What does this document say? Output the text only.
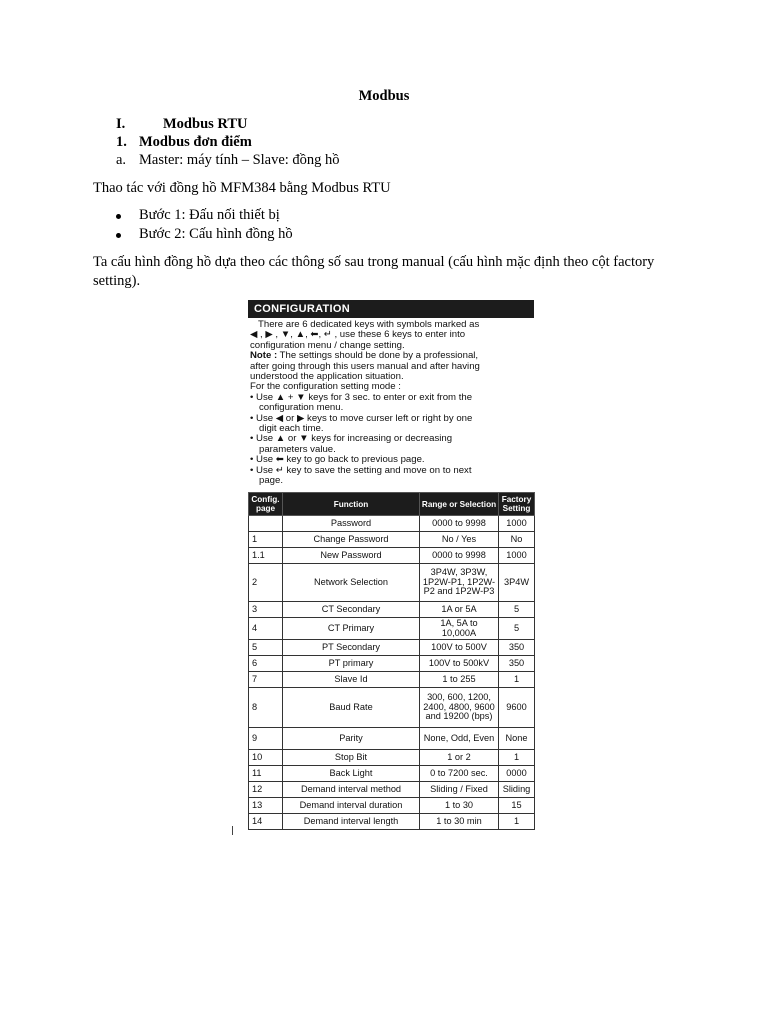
Modbus
I.	Modbus RTU
1. Modbus đơn điểm
a. Master: máy tính – Slave: đồng hồ
Thao tác với đồng hồ MFM384 bằng Modbus RTU
Bước 1: Đấu nối thiết bị
Bước 2: Cấu hình đồng hồ
Ta cấu hình đồng hồ dựa theo các thông số sau trong manual (cấu hình mặc định theo cột factory setting).
CONFIGURATION

There are 6 dedicated keys with symbols marked as

◀ , ▶ , ▼, ▲, ⬅, ↵ , use these 6 keys to enter into

configuration menu / change setting.

Note : The settings should be done by a professional,

after going through this users manual and after having

understood the application situation.

For the configuration setting mode :

• Use ▲ + ▼ keys for 3 sec. to enter or exit from the

configuration menu.

• Use ◀ or ▶ keys to move curser left or right by one

digit each time.

• Use ▲ or ▼ keys for increasing or decreasing

parameters value.

• Use ⬅ key to go back to previous page.

• Use ↵ key to save the setting and move on to next

page.

Config. page	Function	Range or Selection	Factory Setting
	Password	0000 to 9998	1000
1	Change Password	No / Yes	No
1.1	New Password	0000 to 9998	1000
2	Network Selection	3P4W, 3P3W, 1P2W-P1, 1P2W-P2 and 1P2W-P3	3P4W
3	CT Secondary	1A or 5A	5
4	CT Primary	1A, 5A to 10,000A	5
5	PT Secondary	100V to 500V	350
6	PT primary	100V to 500kV	350
7	Slave Id	1 to 255	1
8	Baud Rate	300, 600, 1200, 2400, 4800, 9600 and 19200 (bps)	9600
9	Parity	None, Odd, Even	None
10	Stop Bit	1 or 2	1
11	Back Light	0 to 7200 sec.	0000
12	Demand interval method	Sliding / Fixed	Sliding
13	Demand interval duration	1 to 30	15
14	Demand interval length	1 to 30 min	1
